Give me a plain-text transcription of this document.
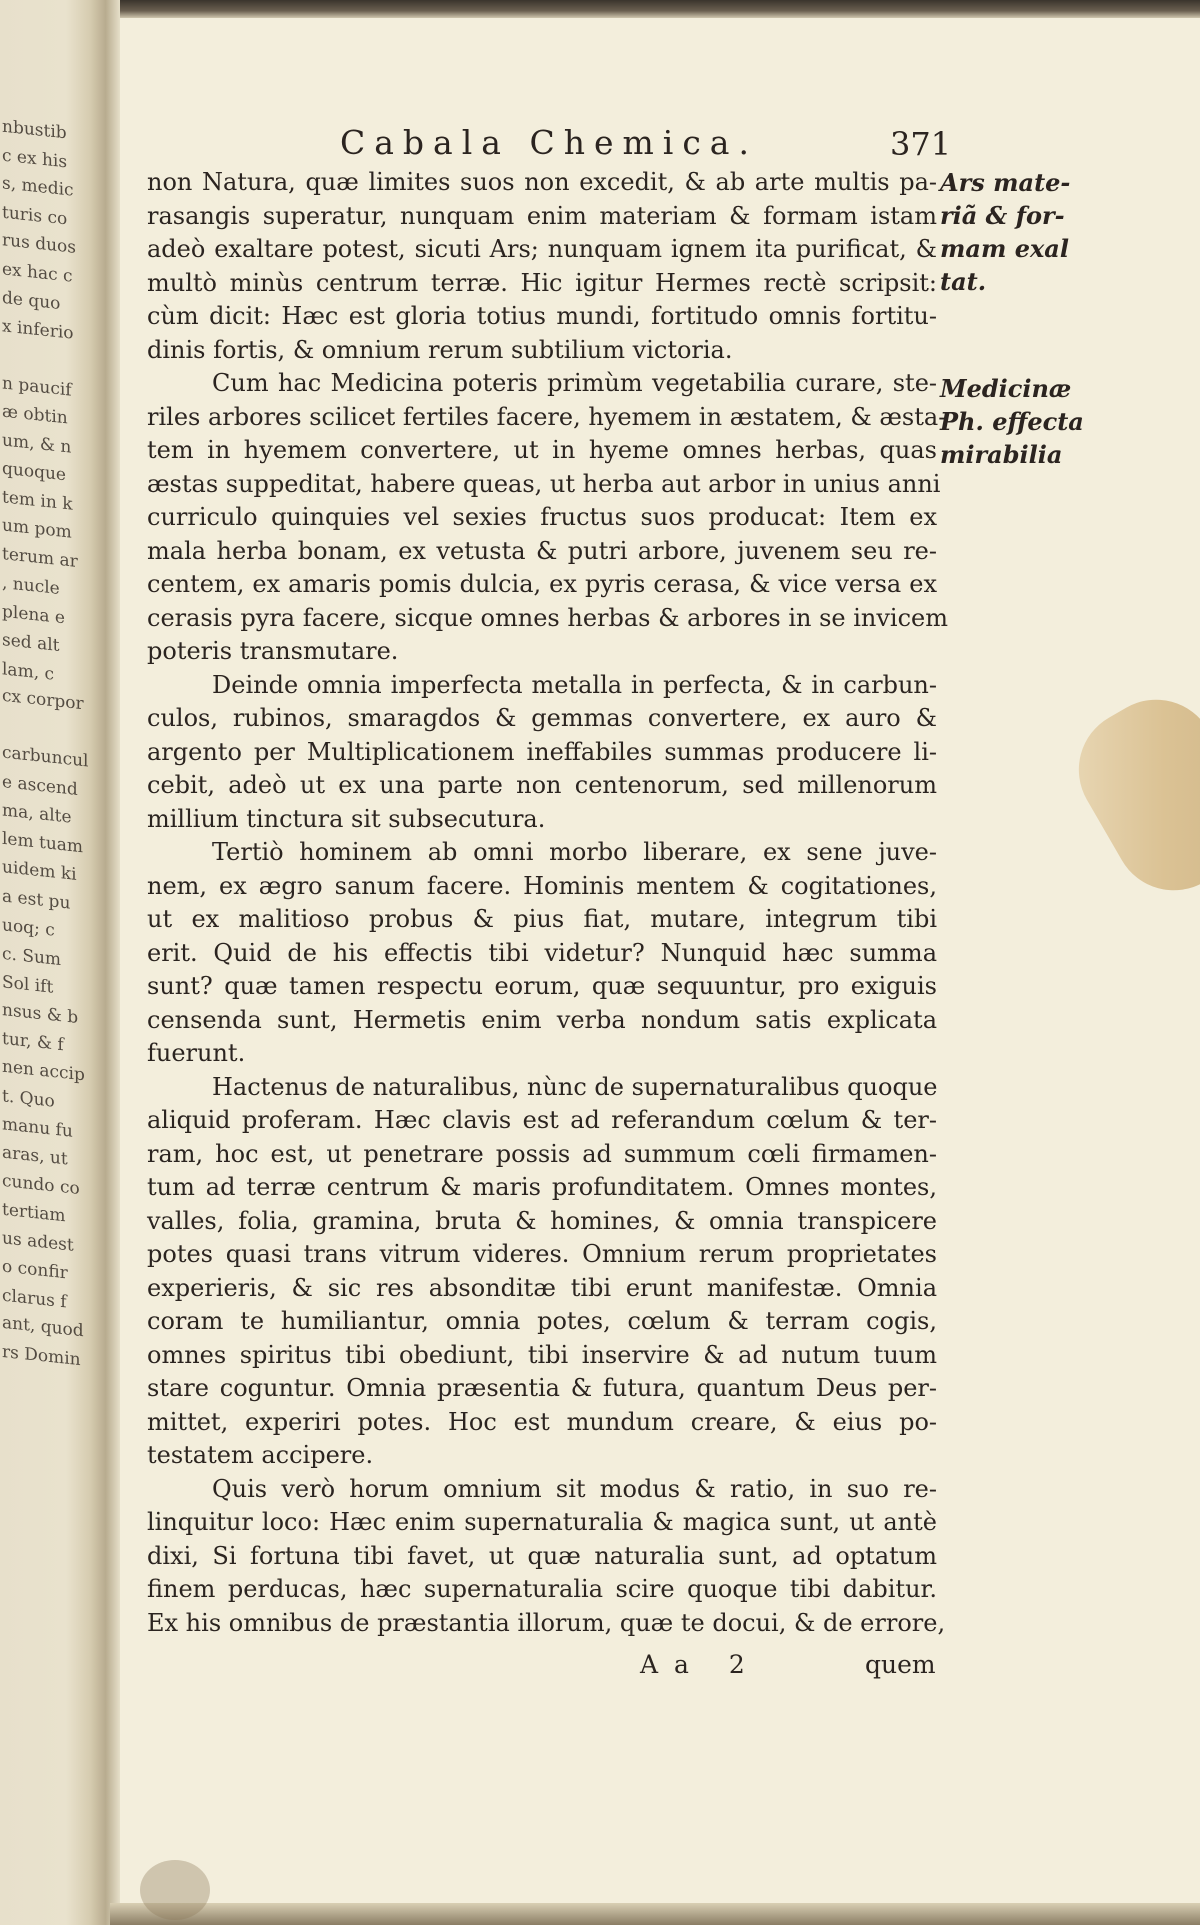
nbustib
c ex his
s, medic
turis co
rus duos
ex hac c
de quo
x inferio
n paucif
æ obtin
um, & n
quoque
tem in k
um pom
terum ar
, nucle
plena e
sed alt
lam, c
cx corpor
carbuncul
e ascend
ma, alte
lem tuam
uidem ki
a est pu
uoq; c
c. Sum
Sol ift
nsus & b
tur, & f
nen accip
t. Quo
manu fu
aras, ut
cundo co
tertiam
us adest
o confir
clarus f
ant, quod
rs Domin
Cabala Chemica.	371
non Natura, quæ limites suos non excedit, & ab arte multis pa-
rasangis superatur, nunquam enim materiam & formam istam
adeò exaltare potest, sicuti Ars; nunquam ignem ita purificat, &
multò minùs centrum terræ. Hic igitur Hermes rectè scripsit:
cùm dicit: Hæc est gloria totius mundi, fortitudo omnis fortitu-
dinis fortis, & omnium rerum subtilium victoria.
Cum hac Medicina poteris primùm vegetabilia curare, ste-
riles arbores scilicet fertiles facere, hyemem in æstatem, & æsta-
tem in hyemem convertere, ut in hyeme omnes herbas, quas
æstas suppeditat, habere queas, ut herba aut arbor in unius anni
curriculo quinquies vel sexies fructus suos producat: Item ex
mala herba bonam, ex vetusta & putri arbore, juvenem seu re-
centem, ex amaris pomis dulcia, ex pyris cerasa, & vice versa ex
cerasis pyra facere, sicque omnes herbas & arbores in se invicem
poteris transmutare.
Deinde omnia imperfecta metalla in perfecta, & in carbun-
culos, rubinos, smaragdos & gemmas convertere, ex auro &
argento per Multiplicationem ineffabiles summas producere li-
cebit, adeò ut ex una parte non centenorum, sed millenorum
millium tinctura sit subsecutura.
Tertiò hominem ab omni morbo liberare, ex sene juve-
nem, ex ægro sanum facere. Hominis mentem & cogitationes,
ut ex malitioso probus & pius fiat, mutare, integrum tibi
erit. Quid de his effectis tibi videtur? Nunquid hæc summa
sunt? quæ tamen respectu eorum, quæ sequuntur, pro exiguis
censenda sunt, Hermetis enim verba nondum satis explicata
fuerunt.
Hactenus de naturalibus, nùnc de supernaturalibus quoque
aliquid proferam. Hæc clavis est ad referandum cœlum & ter-
ram, hoc est, ut penetrare possis ad summum cœli firmamen-
tum ad terræ centrum & maris profunditatem. Omnes montes,
valles, folia, gramina, bruta & homines, & omnia transpicere
potes quasi trans vitrum videres. Omnium rerum proprietates
experieris, & sic res absonditæ tibi erunt manifestæ. Omnia
coram te humiliantur, omnia potes, cœlum & terram cogis,
omnes spiritus tibi obediunt, tibi inservire & ad nutum tuum
stare coguntur. Omnia præsentia & futura, quantum Deus per-
mittet, experiri potes. Hoc est mundum creare, & eius po-
testatem accipere.
Quis verò horum omnium sit modus & ratio, in suo re-
linquitur loco: Hæc enim supernaturalia & magica sunt, ut antè
dixi, Si fortuna tibi favet, ut quæ naturalia sunt, ad optatum
finem perducas, hæc supernaturalia scire quoque tibi dabitur.
Ex his omnibus de præstantia illorum, quæ te docui, & de errore,
Ars mate-
riã & for-
mam exal
tat.
Medicinæ
Ph. effecta
mirabilia
Aa 2	quem
